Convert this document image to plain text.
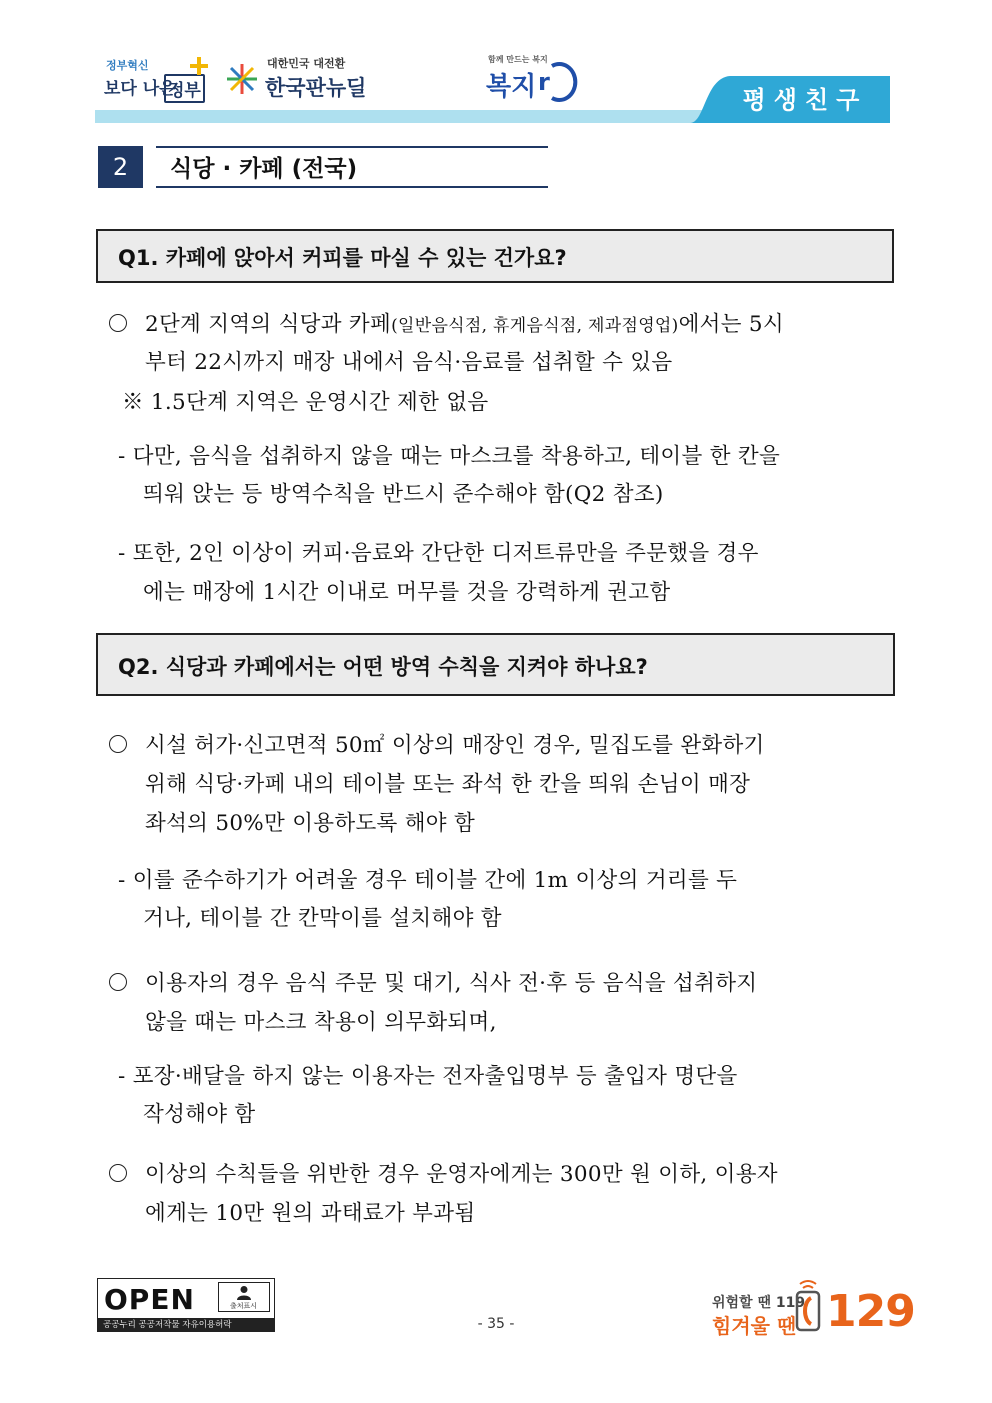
정부혁신
보다 나은
정부
대한민국 대전환
한국판뉴딜
함께 만드는 복지
복지 r
평생친구
2	식당 · 카페 (전국)
Q1. 카페에 앉아서 커피를 마실 수 있는 건가요?
2단계 지역의 식당과 카페(일반음식점, 휴게음식점, 제과점영업)에서는 5시
부터 22시까지 매장 내에서 음식·음료를 섭취할 수 있음
※ 1.5단계 지역은 운영시간 제한 없음
- 다만, 음식을 섭취하지 않을 때는 마스크를 착용하고, 테이블 한 칸을
띄워 앉는 등 방역수칙을 반드시 준수해야 함(Q2 참조)
- 또한, 2인 이상이 커피·음료와 간단한 디저트류만을 주문했을 경우
에는 매장에 1시간 이내로 머무를 것을 강력하게 권고함
Q2. 식당과 카페에서는 어떤 방역 수칙을 지켜야 하나요?
시설 허가·신고면적 50㎡ 이상의 매장인 경우, 밀집도를 완화하기
위해 식당·카페 내의 테이블 또는 좌석 한 칸을 띄워 손님이 매장
좌석의 50%만 이용하도록 해야 함
- 이를 준수하기가 어려울 경우 테이블 간에 1m 이상의 거리를 두
거나, 테이블 간 칸막이를 설치해야 함
이용자의 경우 음식 주문 및 대기, 식사 전·후 등 음식을 섭취하지
않을 때는 마스크 착용이 의무화되며,
- 포장·배달을 하지 않는 이용자는 전자출입명부 등 출입자 명단을
작성해야 함
이상의 수칙들을 위반한 경우 운영자에게는 300만 원 이하, 이용자
에게는 10만 원의 과태료가 부과됨
OPEN	출처표시
공공누리 공공저작물 자유이용허락	- 35 -
위험할 땐 119
힘겨울 땐 129
